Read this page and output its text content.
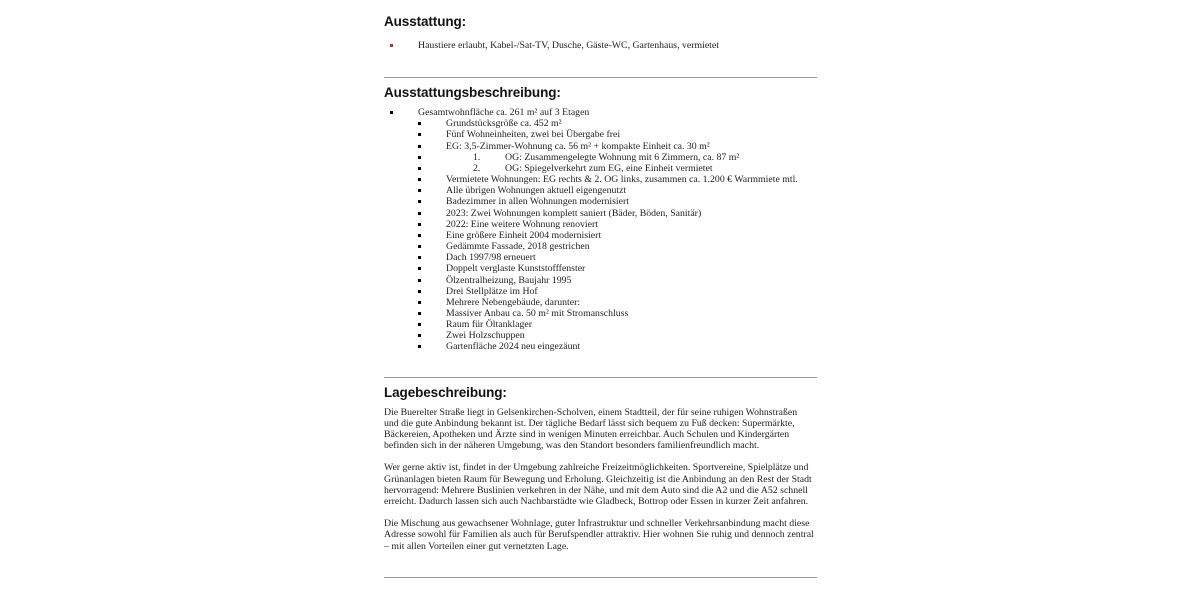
Ausstattung:
Haustiere erlaubt, Kabel-/Sat-TV, Dusche, Gäste-WC, Gartenhaus, vermietet
Ausstattungsbeschreibung:
Gesamtwohnfläche ca. 261 m² auf 3 Etagen
Grundstücksgröße ca. 452 m²
Fünf Wohneinheiten, zwei bei Übergabe frei
EG: 3,5-Zimmer-Wohnung ca. 56 m² + kompakte Einheit ca. 30 m²
1.	OG: Zusammengelegte Wohnung mit 6 Zimmern, ca. 87 m²
2.	OG: Spiegelverkehrt zum EG, eine Einheit vermietet
Vermietete Wohnungen: EG rechts & 2. OG links, zusammen ca. 1.200 € Warmmiete mtl.
Alle übrigen Wohnungen aktuell eigengenutzt
Badezimmer in allen Wohnungen modernisiert
2023: Zwei Wohnungen komplett saniert (Bäder, Böden, Sanitär)
2022: Eine weitere Wohnung renoviert
Eine größere Einheit 2004 modernisiert
Gedämmte Fassade, 2018 gestrichen
Dach 1997/98 erneuert
Doppelt verglaste Kunststofffenster
Ölzentralheizung, Baujahr 1995
Drei Stellplätze im Hof
Mehrere Nebengebäude, darunter:
Massiver Anbau ca. 50 m² mit Stromanschluss
Raum für Öltanklager
Zwei Holzschuppen
Gartenfläche 2024 neu eingezäunt
Lagebeschreibung:

Die Buerelter Straße liegt in Gelsenkirchen-Scholven, einem Stadtteil, der für seine ruhigen Wohnstraßen und die gute Anbindung bekannt ist. Der tägliche Bedarf lässt sich bequem zu Fuß decken: Supermärkte, Bäckereien, Apotheken und Ärzte sind in wenigen Minuten erreichbar. Auch Schulen und Kindergärten befinden sich in der näheren Umgebung, was den Standort besonders familienfreundlich macht.

Wer gerne aktiv ist, findet in der Umgebung zahlreiche Freizeitmöglichkeiten. Sportvereine, Spielplätze und Grünanlagen bieten Raum für Bewegung und Erholung. Gleichzeitig ist die Anbindung an den Rest der Stadt hervorragend: Mehrere Buslinien verkehren in der Nähe, und mit dem Auto sind die A2 und die A52 schnell erreicht. Dadurch lassen sich auch Nachbarstädte wie Gladbeck, Bottrop oder Essen in kurzer Zeit anfahren.

Die Mischung aus gewachsener Wohnlage, guter Infrastruktur und schneller Verkehrsanbindung macht diese Adresse sowohl für Familien als auch für Berufspendler attraktiv. Hier wohnen Sie ruhig und dennoch zentral – mit allen Vorteilen einer gut vernetzten Lage.
